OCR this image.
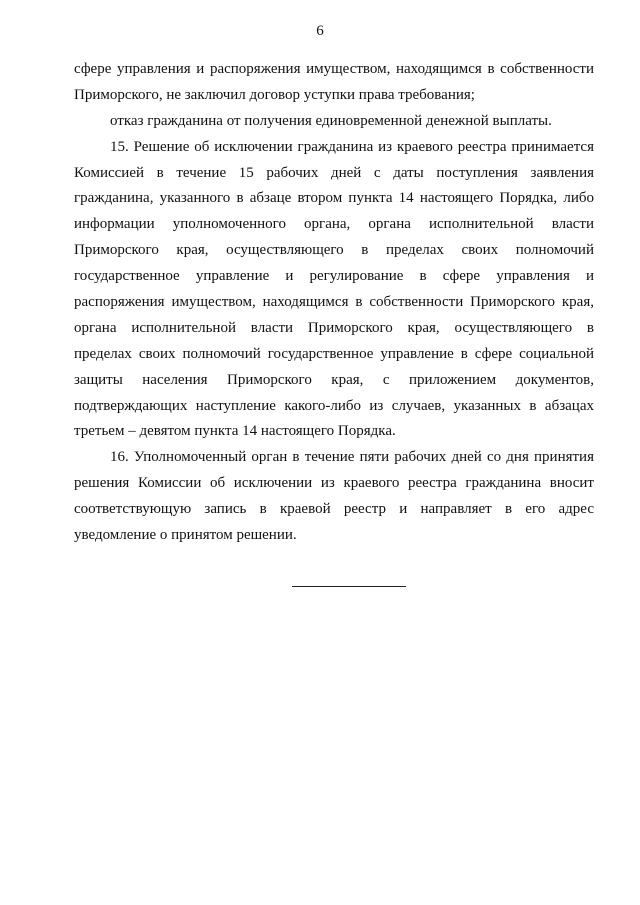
6
сфере управления и распоряжения имуществом, находящимся в собственности
Приморского, не заключил договор уступки права требования;
отказ гражданина от получения единовременной денежной выплаты.
15. Решение об исключении гражданина из краевого реестра принимается
Комиссией в течение 15 рабочих дней с даты поступления заявления
гражданина, указанного в абзаце втором пункта 14 настоящего Порядка, либо
информации уполномоченного органа, органа исполнительной власти
Приморского края, осуществляющего в пределах своих полномочий
государственное управление и регулирование в сфере управления и
распоряжения имуществом, находящимся в собственности Приморского края,
органа исполнительной власти Приморского края, осуществляющего в
пределах своих полномочий государственное управление в сфере социальной
защиты населения Приморского края, с приложением документов,
подтверждающих наступление какого-либо из случаев, указанных в абзацах
третьем – девятом пункта 14 настоящего Порядка.
16. Уполномоченный орган в течение пяти рабочих дней со дня принятия
решения Комиссии об исключении из краевого реестра гражданина вносит
соответствующую запись в краевой реестр и направляет в его адрес
уведомление о принятом решении.
